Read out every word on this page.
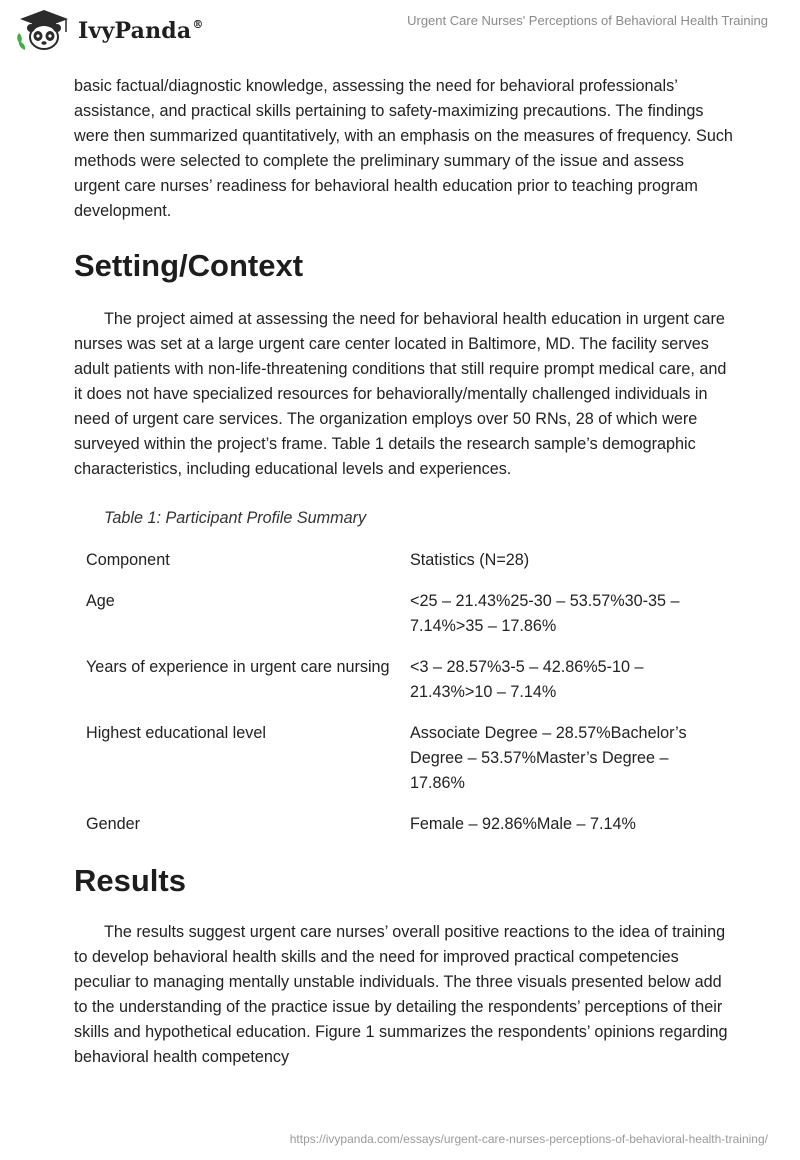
IvyPanda®	Urgent Care Nurses' Perceptions of Behavioral Health Training

basic factual/diagnostic knowledge, assessing the need for behavioral professionals’ assistance, and practical skills pertaining to safety-maximizing precautions. The findings were then summarized quantitatively, with an emphasis on the measures of frequency. Such methods were selected to complete the preliminary summary of the issue and assess urgent care nurses’ readiness for behavioral health education prior to teaching program development.

Setting/Context

The project aimed at assessing the need for behavioral health education in urgent care nurses was set at a large urgent care center located in Baltimore, MD. The facility serves adult patients with non-life-threatening conditions that still require prompt medical care, and it does not have specialized resources for behaviorally/mentally challenged individuals in need of urgent care services. The organization employs over 50 RNs, 28 of which were surveyed within the project’s frame. Table 1 details the research sample’s demographic characteristics, including educational levels and experiences.

Table 1: Participant Profile Summary
Component	Statistics (N=28)
Age	<25 – 21.43%25-30 – 53.57%30-35 – 7.14%>35 – 17.86%
Years of experience in urgent care nursing	<3 – 28.57%3-5 – 42.86%5-10 – 21.43%>10 – 7.14%
Highest educational level	Associate Degree – 28.57%Bachelor’s Degree – 53.57%Master’s Degree – 17.86%
Gender	Female – 92.86%Male – 7.14%
Results

The results suggest urgent care nurses’ overall positive reactions to the idea of training to develop behavioral health skills and the need for improved practical competencies peculiar to managing mentally unstable individuals. The three visuals presented below add to the understanding of the practice issue by detailing the respondents’ perceptions of their skills and hypothetical education. Figure 1 summarizes the respondents’ opinions regarding behavioral health competency

https://ivypanda.com/essays/urgent-care-nurses-perceptions-of-behavioral-health-training/
